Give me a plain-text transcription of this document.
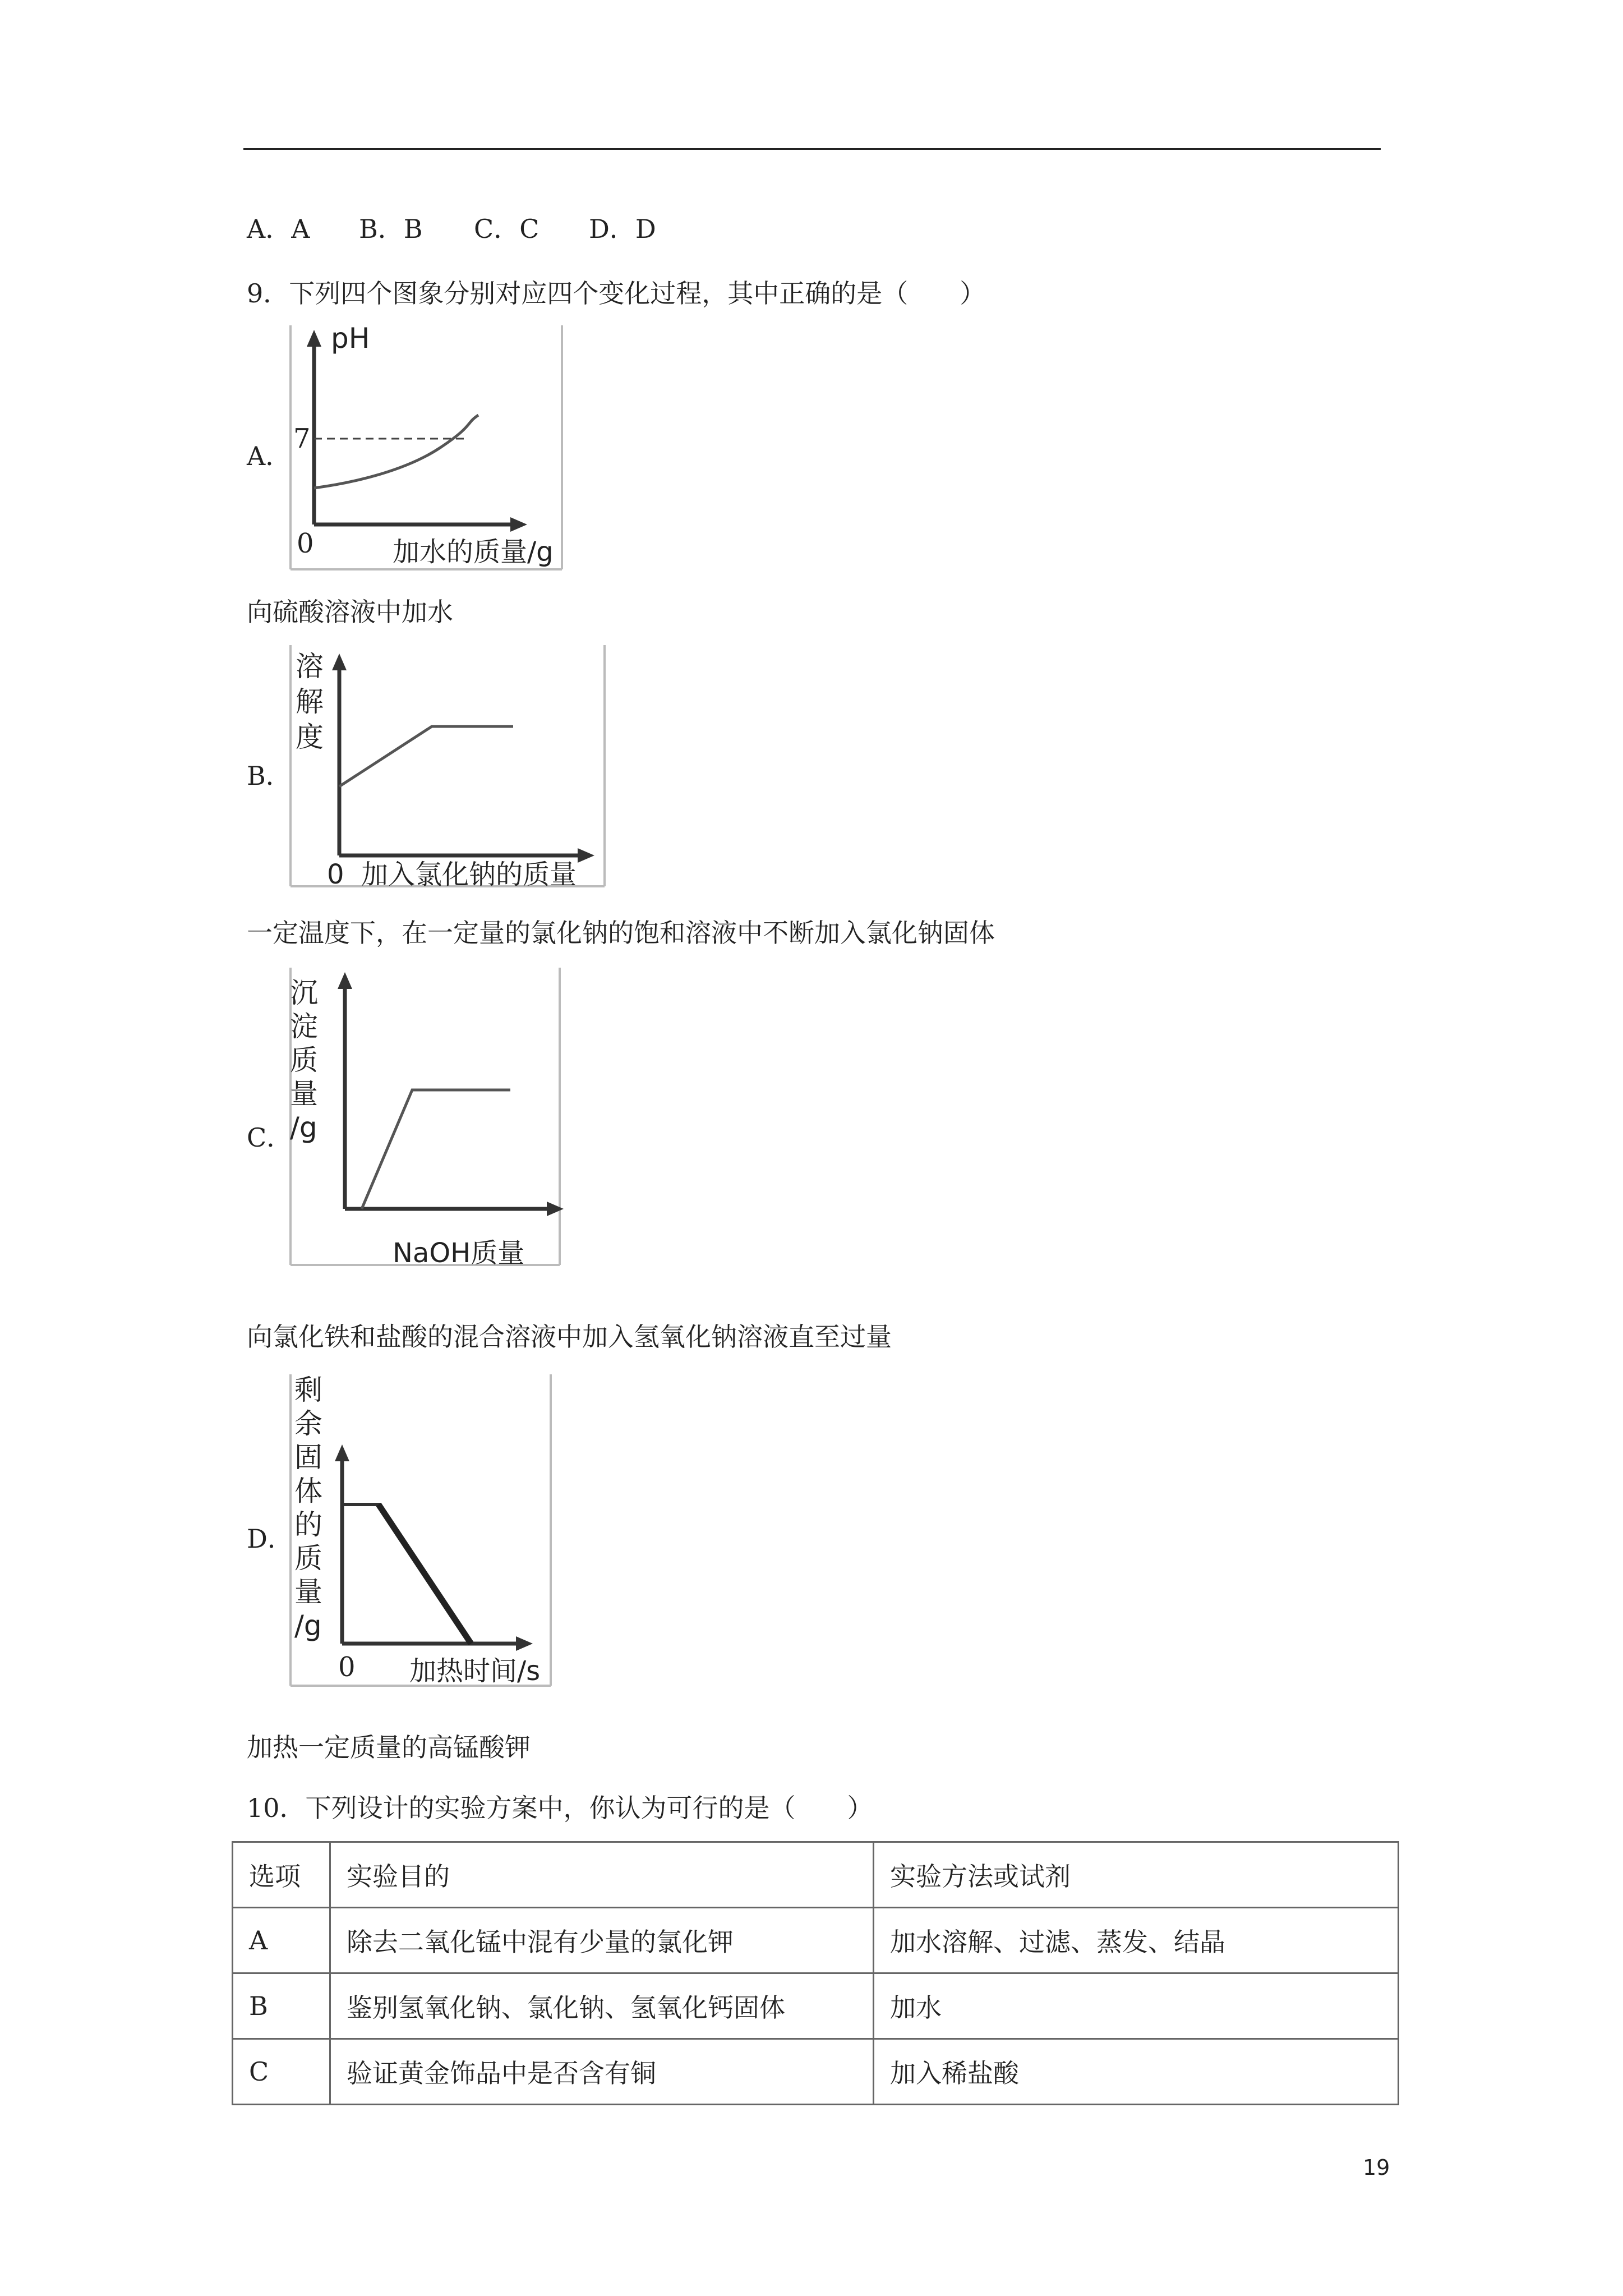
A．A B．B C．C D．D
9．下列四个图象分别对应四个变化过程，其中正确的是（　　）
A．
pH
7
0	加水的质量/g
向硫酸溶液中加水
B．
溶
解
度
0  加入氯化钠的质量
一定温度下，在一定量的氯化钠的饱和溶液中不断加入氯化钠固体
C．
沉
淀
质
量
/g
NaOH质量
向氯化铁和盐酸的混合溶液中加入氢氧化钠溶液直至过量
D．
剩
余
固
体
的
质
量
/g
0 加热时间/s
加热一定质量的高锰酸钾
10．下列设计的实验方案中，你认为可行的是（　　）
选项	实验目的	实验方法或试剂
A	除去二氧化锰中混有少量的氯化钾	加水溶解、过滤、蒸发、结晶
B	鉴别氢氧化钠、氯化钠、氢氧化钙固体	加水
C	验证黄金饰品中是否含有铜	加入稀盐酸
19
